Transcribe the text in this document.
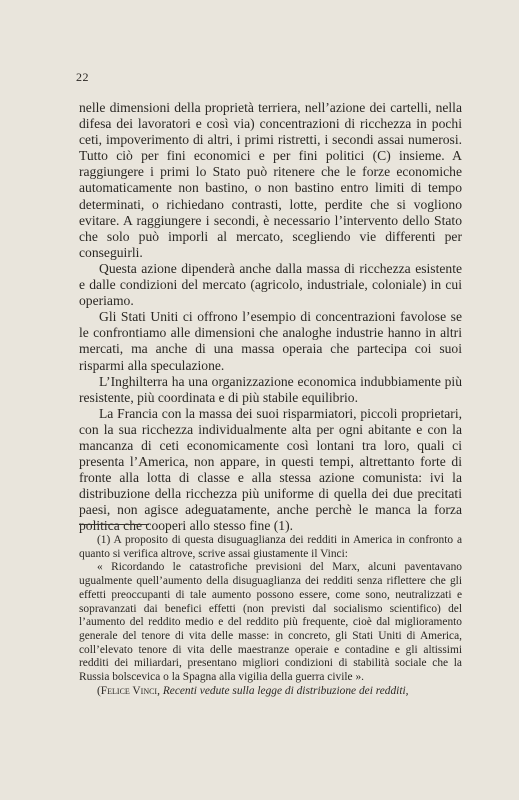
22

nelle dimensioni della proprietà terriera, nell’azione dei cartelli, nella difesa dei lavoratori e così via) concentrazioni di ricchezza in pochi ceti, impoverimento di altri, i primi ristretti, i secondi assai numerosi. Tutto ciò per fini economici e per fini politici (C) insieme. A raggiungere i primi lo Stato può ritenere che le forze economiche automaticamente non bastino, o non bastino entro limiti di tempo determinati, o richiedano contrasti, lotte, perdite che si vogliono evitare. A raggiungere i secondi, è necessario l’intervento dello Stato che solo può imporli al mercato, scegliendo vie differenti per conseguirli.

Questa azione dipenderà anche dalla massa di ricchezza esistente e dalle condizioni del mercato (agricolo, industriale, coloniale) in cui operiamo.

Gli Stati Uniti ci offrono l’esempio di concentrazioni favolose se le confrontiamo alle dimensioni che analoghe industrie hanno in altri mercati, ma anche di una massa operaia che partecipa coi suoi risparmi alla speculazione.

L’Inghilterra ha una organizzazione economica indubbiamente più resistente, più coordinata e di più stabile equilibrio.

La Francia con la massa dei suoi risparmiatori, piccoli proprietari, con la sua ricchezza individualmente alta per ogni abitante e con la mancanza di ceti economicamente così lontani tra loro, quali ci presenta l’America, non appare, in questi tempi, altrettanto forte di fronte alla lotta di classe e alla stessa azione comunista: ivi la distribuzione della ricchezza più uniforme di quella dei due precitati paesi, non agisce adeguatamente, anche perchè le manca la forza politica che cooperi allo stesso fine (1).

(1) A proposito di questa disuguaglianza dei redditi in America in confronto a quanto si verifica altrove, scrive assai giustamente il Vinci:

« Ricordando le catastrofiche previsioni del Marx, alcuni paventavano ugualmente quell’aumento della disuguaglianza dei redditi senza riflettere che gli effetti preoccupanti di tale aumento possono essere, come sono, neutralizzati e sopravanzati dai benefici effetti (non previsti dal socialismo scientifico) del l’aumento del reddito medio e del reddito più frequente, cioè dal miglioramento generale del tenore di vita delle masse: in concreto, gli Stati Uniti di America, coll’elevato tenore di vita delle maestranze operaie e contadine e gli altissimi redditi dei miliardari, presentano migliori condizioni di stabilità sociale che la Russia bolscevica o la Spagna alla vigilia della guerra civile ».

(Felice Vinci, Recenti vedute sulla legge di distribuzione dei redditi,
